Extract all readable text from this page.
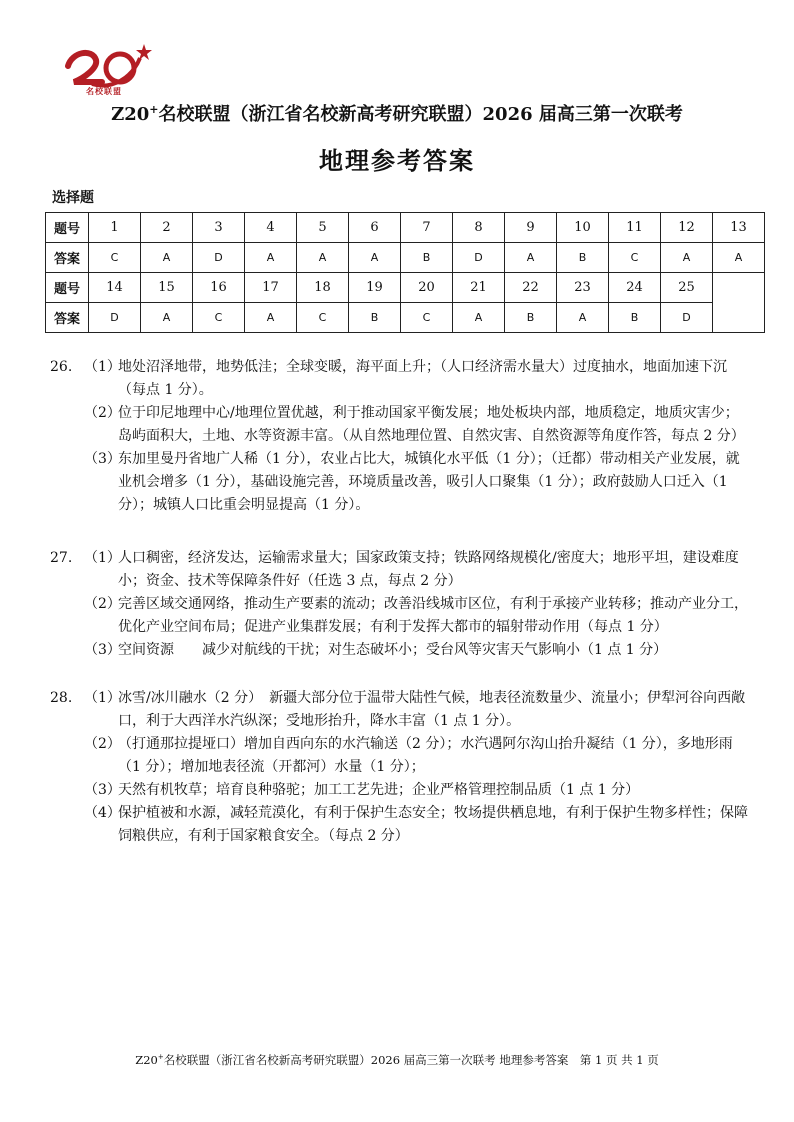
名校联盟
Z20+名校联盟（浙江省名校新高考研究联盟）2026 届高三第一次联考
地理参考答案
选择题
题号	1	2	3	4	5	6	7	8	9	10	11	12	13
答案	C	A	D	A	A	A	B	D	A	B	C	A	A
题号	14	15	16	17	18	19	20	21	22	23	24	25	
答案	D	A	C	A	C	B	C	A	B	A	B	D	
26. （1）
地处沼泽地带，地势低洼；全球变暖，海平面上升；（人口经济需水量大）过度抽水，地面加速下沉（每点 1 分）。
（2）
位于印尼地理中心/地理位置优越，利于推动国家平衡发展；地处板块内部，地质稳定，地质灾害少；岛屿面积大，土地、水等资源丰富。（从自然地理位置、自然灾害、自然资源等角度作答，每点 2 分）
（3）
东加里曼丹省地广人稀（1 分），农业占比大，城镇化水平低（1 分）；（迁都）带动相关产业发展，就业机会增多（1 分），基础设施完善，环境质量改善，吸引人口聚集（1 分）；政府鼓励人口迁入（1 分）；城镇人口比重会明显提高（1 分）。
27. （1）
人口稠密，经济发达，运输需求量大；国家政策支持；铁路网络规模化/密度大；地形平坦，建设难度小；资金、技术等保障条件好（任选 3 点，每点 2 分）
（2）
完善区域交通网络，推动生产要素的流动；改善沿线城市区位，有利于承接产业转移；推动产业分工，优化产业空间布局；促进产业集群发展；有利于发挥大都市的辐射带动作用（每点 1 分）
（3）
空间资源　　减少对航线的干扰；对生态破坏小；受台风等灾害天气影响小（1 点 1 分）
28. （1）
冰雪/冰川融水（2 分）　新疆大部分位于温带大陆性气候，地表径流数量少、流量小；伊犁河谷向西敞口，利于大西洋水汽纵深；受地形抬升，降水丰富（1 点 1 分）。
（2）
（打通那拉提垭口）增加自西向东的水汽输送（2 分）；水汽遇阿尔沟山抬升凝结（1 分），多地形雨（1 分）；增加地表径流（开都河）水量（1 分）；
（3）
天然有机牧草；培育良种骆驼；加工工艺先进；企业严格管理控制品质（1 点 1 分）
（4）
保护植被和水源，减轻荒漠化，有利于保护生态安全；牧场提供栖息地，有利于保护生物多样性；保障饲粮供应，有利于国家粮食安全。（每点 2 分）
Z20+名校联盟（浙江省名校新高考研究联盟）2026 届高三第一次联考 地理参考答案　第 1 页 共 1 页
